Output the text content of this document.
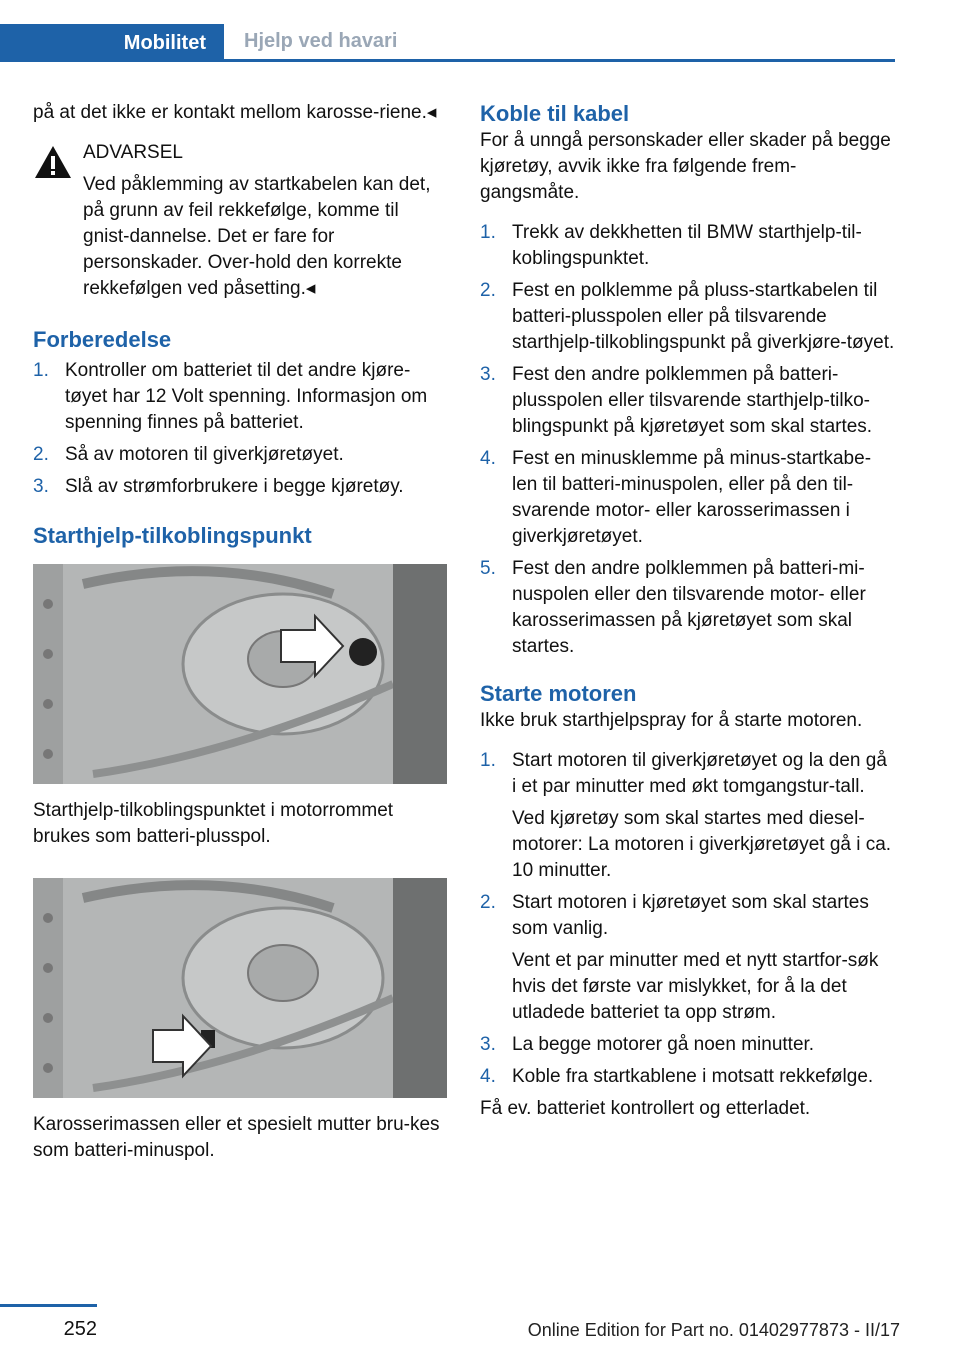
Mobilitet	Hjelp ved havari

på at det ikke er kontakt mellom karosse-riene.◂

ADVARSEL

Ved påklemming av startkabelen kan det, på grunn av feil rekkefølge, komme til gnist-dannelse. Det er fare for personskader. Over-hold den korrekte rekkefølgen ved påsetting.◂

Forberedelse
1. Kontroller om batteriet til det andre kjøre-tøyet har 12 Volt spenning. Informasjon om spenning finnes på batteriet.
2. Så av motoren til giverkjøretøyet.
3. Slå av strømforbrukere i begge kjøretøy.
Starthjelp-tilkoblingspunkt

Starthjelp-tilkoblingspunktet i motorrommet brukes som batteri-plusspol.

Karosserimassen eller et spesielt mutter bru-kes som batteri-minuspol.

Koble til kabel

For å unngå personskader eller skader på begge kjøretøy, avvik ikke fra følgende frem-gangsmåte.

1. Trekk av dekkhetten til BMW starthjelp-til-koblingspunktet.
2. Fest en polklemme på pluss-startkabelen til batteri-plusspolen eller på tilsvarende starthjelp-tilkoblingspunkt på giverkjøre-tøyet.
3. Fest den andre polklemmen på batteri-plusspolen eller tilsvarende starthjelp-tilko-blingspunkt på kjøretøyet som skal startes.
4. Fest en minusklemme på minus-startkabe-len til batteri-minuspolen, eller på den til-svarende motor- eller karosserimassen i giverkjøretøyet.
5. Fest den andre polklemmen på batteri-mi-nuspolen eller den tilsvarende motor- eller karosserimassen på kjøretøyet som skal startes.
Starte motoren

Ikke bruk starthjelpspray for å starte motoren.

1. Start motoren til giverkjøretøyet og la den gå i et par minutter med økt tomgangstur-tall.

Ved kjøretøy som skal startes med diesel-motorer: La motoren i giverkjøretøyet gå i ca. 10 minutter.

2. Start motoren i kjøretøyet som skal startes som vanlig.

Vent et par minutter med et nytt startfor-søk hvis det første var mislykket, for å la det utladede batteriet ta opp strøm.

3. La begge motorer gå noen minutter.
4. Koble fra startkablene i motsatt rekkefølge.

Få ev. batteriet kontrollert og etterladet.

252	Online Edition for Part no. 01402977873 - II/17
